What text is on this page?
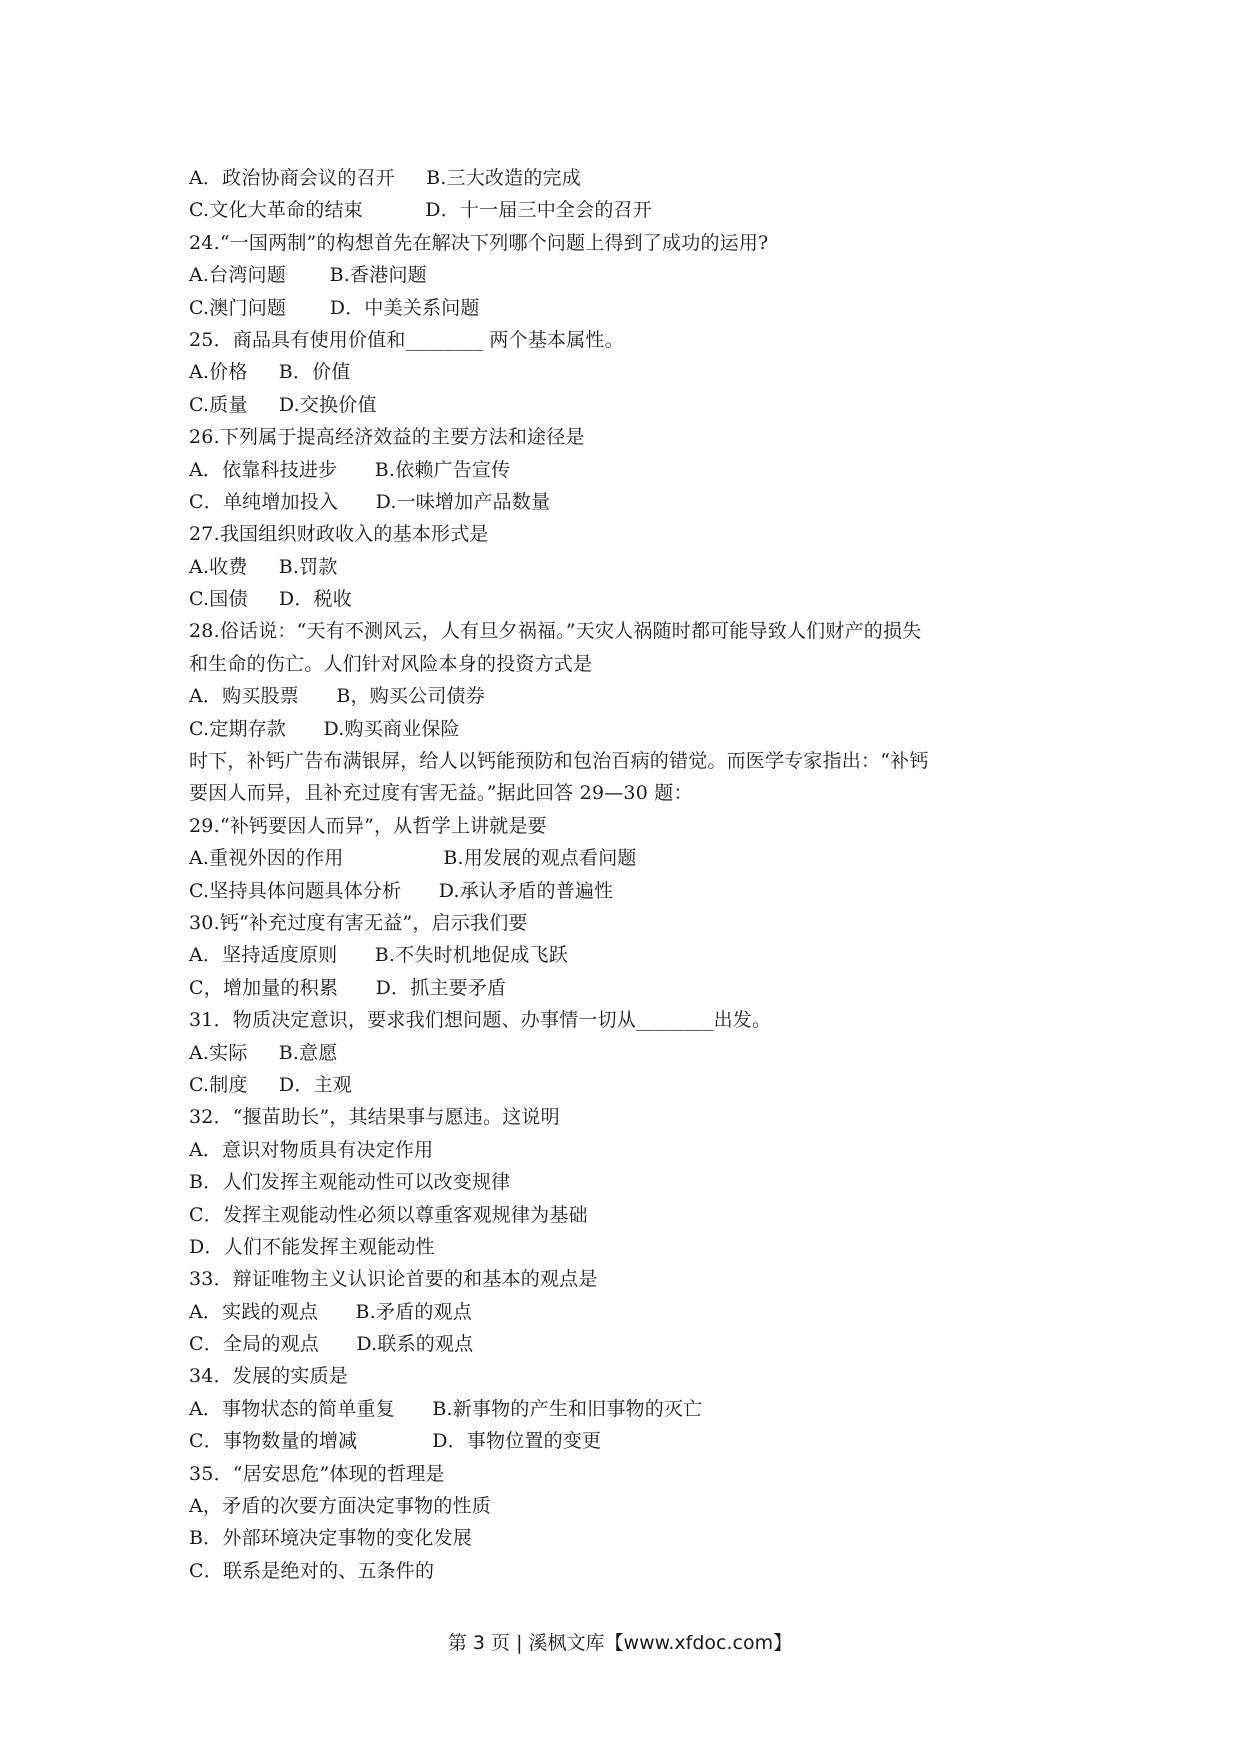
A．政治协商会议的召开     B.三大改造的完成
C.文化大革命的结束          D．十一届三中全会的召开
24.“一国两制”的构想首先在解决下列哪个问题上得到了成功的运用?
A.台湾问题       B.香港问题
C.澳门问题       D．中美关系问题
25．商品具有使用价值和________ 两个基本属性。
A.价格     B．价值
C.质量     D.交换价值
26.下列属于提高经济效益的主要方法和途径是
A．依靠科技进步      B.依赖广告宣传
C．单纯增加投入      D.一味增加产品数量
27.我国组织财政收入的基本形式是
A.收费     B.罚款
C.国债     D．税收
28.俗话说：“天有不测风云，人有旦夕祸福。”天灾人祸随时都可能导致人们财产的损失
和生命的伤亡。人们针对风险本身的投资方式是
A．购买股票      B，购买公司债券
C.定期存款      D.购买商业保险
时下，补钙广告布满银屏，给人以钙能预防和包治百病的错觉。而医学专家指出：“补钙
要因人而异，且补充过度有害无益。”据此回答 29—30 题：
29.“补钙要因人而异”，从哲学上讲就是要
A.重视外因的作用                B.用发展的观点看问题
C.坚持具体问题具体分析      D.承认矛盾的普遍性
30.钙“补充过度有害无益”，启示我们要
A．坚持适度原则      B.不失时机地促成飞跃
C，增加量的积累      D．抓主要矛盾
31．物质决定意识，要求我们想问题、办事情一切从________出发。
A.实际     B.意愿
C.制度     D．主观
32．“揠苗助长”，其结果事与愿违。这说明
A．意识对物质具有决定作用
B．人们发挥主观能动性可以改变规律
C．发挥主观能动性必须以尊重客观规律为基础
D．人们不能发挥主观能动性
33．辩证唯物主义认识论首要的和基本的观点是
A．实践的观点      B.矛盾的观点
C．全局的观点      D.联系的观点
34．发展的实质是
A．事物状态的简单重复      B.新事物的产生和旧事物的灭亡
C．事物数量的增减            D．事物位置的变更
35．“居安思危”体现的哲理是
A，矛盾的次要方面决定事物的性质
B．外部环境决定事物的变化发展
C．联系是绝对的、五条件的
第 3 页 | 溪枫文库【www.xfdoc.com】
